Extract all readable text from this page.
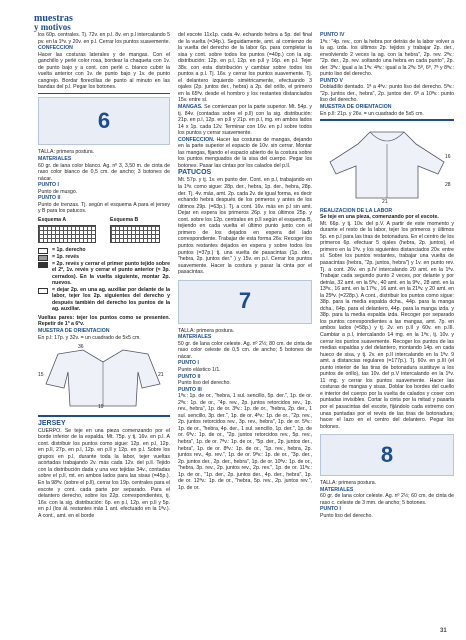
muestras
y motivos

los 60p. centrales. Tj. 72v. en p.l. 8v. en p.l intercalando 5 pv. en la 1ªv. y 20v. en p.l. Cerrar los puntos suavemente.

CONFECCION

Hacer las costuras laterales y de mangas. Con el ganchillo y perlé color rosa, bordear la chaqueta con 1v. de punto bajo y a cont. con perlé c. blanco cubrir la vuelta anterior con 1v. de punto bajo y 1v. de punto cangrejo. Bordar florecillas de punto al minuto en las bandas del p.l. Pegar los botones.

6

TALLA: primera postura.

MATERIALES

60 gr. de lana color blanco. Ag. nº 3, 3,50 m. de cinta de raso color blanco de 0,5 cm. de ancho; 3 botones de nácar.

PUNTO I

Punto de musgo.

PUNTO II

Punto de trenzas. Tj. según el esquema A para el jersey y B para los patucos.

Esquema A	Esquema B

= 1p. derecho

= 1p. revés

= 2p. revés y cerrar el primer punto tejido sobre el 2º, 1v. revés y cerrar el punto anterior (= 3p. cerrados). En la vuelta siguiente, montar 2p. nuevos.

= dejar 2p. en una ag. auxiliar por delante de la labor, tejer los 2p. siguientes del derecho y después también del derecho los puntos de la ag. auxiliar.

Vueltas pares: tejer los puntos como se presenten. Repetir de 1ª a 6ªv.

MUESTRA DE ORIENTACION

En p.l: 17p. y 32v. = un cuadrado de 5x5 cm.

15
36
19
21

JERSEY

CUERPO. Se teje en una pieza comenzando por el borde inferior de la espalda. Mt. 75p. y tj. 16v. en p.l. A cont. distribuir los puntos como sigue: 12p. en p.l, 12p. en p.ll, 27p. en p.l, 12p. en p.ll y 12p. en p.l. Sobre los grupos en p.l, durante toda la labor, tejer vueltas acortadas trabajando 2v. más cada 12v. del p.ll. Tejido con la distribución dada y una vez tejidas 34v., contadas sobre el p.ll, mt. en ambos lados para las sisas (=45p.). En la 98ªv. (sobre el p.ll), cerrar los 19p. centrales para el escote y cont. cada parte por separado. Para el delantero derecho, sobre los 22p. correspondientes, tj. 16v. con la sig. distribución: 6p. en p.l, 12p. en p.ll y 5p. en p.l (los ál. restantes más 1 ant. efectuado en la 1ªv.). A cont., amt. en el borde

del escote 11x1p. cada 4v. echando hebra a 5p. del final de la vuelta (=34p.). Seguidamente, amt. al comienzo de la vuelta del derecho de la labor 6p. para completar la sisa y cont. sobre todos los puntos (=40p.) con la sig. distribución: 12p. en p.l, 12p. en p.ll y 16p. en p.l. Tejer 38v. con esta distribución y cambiar sobre todos los puntos a p.l. Tj. 16v. y cerrar los puntos suavemente. Tj. el delantero izquierdo simétricamente, efectuando 3 ojales (2p. juntos der., hebra) a 2p. del orillo, el primero en la 65ªv. desde el hombro y los restantes distanciados 15v. entre sí.

MANGAS. Se comienzan por la parte superior. Mt. 54p. y tj. 84v. (contadas sobre el p.ll) con la sig. distribución: 21p. en p.l, 12p. en p.ll y 21p. en p.l, mg. en ambos lados 14 x 1p. cada 12v. Terminar con 16v. en p.l sobre todos los puntos y cerrar suavemente.

CONFECCION. Hacer las costuras de mangas, dejando en la parte superior el espacio de 10v. sin cerrar. Montar las mangas, fijando el espacio abierto de la costura sobre los puntos menguados de la sisa del cuerpo. Pegar los botones. Pasar las cintas por los calados del p.ll.

PATUCOS

Mt. 57p. y tj. 1v. en punto der. Cont. en p.l, trabajando en la 1ªv. como sigue: 28p. der., hebra, 1p. der., hebra, 28p. der. Tj. 4v. más, amt. 2p. cada 2v. de igual forma, es decir echando hebra después de los primeros y antes de los últimos 29p. (=63p.). Tj. a cont. 16v. más en p.l sin amt. Dejar en espera los primeros 26p. y los últimos 25p. y cont. sobre los 12p. centrales en p.ll según el esquema B, tejiendo en cada vuelta el último punto junto con el primero de los dejados en espera del lado correspondiente. Trabajar de esta forma 26v. Recoger los puntos restantes dejados en espera y sobre todos los puntos (=37p.) tj. una vuelta de pasacintas (1p. der., "hebra, 2p. juntos der." ) y 15v. en p.l. Cerrar los puntos suavemente. Hacer la costura y pasar la cinta por el pasacintas.

7

TALLA: primera postura.

MATERIALES

50 gr. de lana color celeste. Ag. nº 2½; 80 cm. de cinta de raso color celeste de 0,5 cm. de ancho; 5 botones de nácar.

PUNTO I

Punto elástico 1/1.

PUNTO II

Punto liso del derecho.

PUNTO III

1ªv.: 1p. de or., "hebra, 1 sul. sencillo, 5p. der.", 1p. de or. 2ªv.: 1p. de or., "4p. rev., 2p. juntos retorcidos rev., 1p. rev., hebra", 1p. de or. 3ªv.: 1p. de or., "hebra, 2p. der., 1 sul. sencillo, 3p. der.", 1p. de or. 4ªv.: 1p. de or., "2p. rev., 2p. juntos retorcidos rev., 3p. rev., hebra", 1p. de or. 5ªv.: 1p. de or., "hebra, 4p. der., 1 sul. sencillo, 1p. der.", 1p. de or. 6ªv.: 1p. de or., "2p. juntos retorcidos rev., 5p. rev., hebra", 1p. de or. 7ªv.: 1p. de or., "5p. der., 2p. juntos der., hebra", 1p. de or. 8ªv.: 1p. de or., "1p. rev., hebra, 2p. juntos rev., 4p. rev.", 1p. de or. 9ªv.: 1p. de or., "3p. der., 2p. juntos der., 2p. der., hebra", 1p. de or. 10ªv.: 1p. de or., "hebra, 3p. rev., 2p. juntos rev., 2p. rev.", 1p. de or. 11ªv.: 1p. de or., "1p. der., 2p. juntos der., 4p. der., hebra", 1p. de or. 12ªv.: 1p. de or., "hebra, 5p. rev., 2p. juntos rev.", 1p. de or.

PUNTO IV

1ªv.: "4p. rev., con la hebra por detrás de la labor volver a la ag. izda. los últimos 2p. tejidos y trabajar 2p. der., envolviendo 2 veces la ag. con la hebra", 2p. rev. 2ªv.: "2p. der., 2p. rev. soltando una hebra en cada punto", 2p. der. 3ªv.: igual a la 1ªv. 4ªv.: igual a la 2ªv. 5ª, 6ª, 7ª y 8ªv.: punto liso del derecho.

PUNTO V

Dobladillo dentado. 1ª a 4ªv.: punto liso del derecho. 5ªv.: "2p. juntos der., hebra", 2p. juntos der. 6ª a 10ªv.: punto liso del derecho.

MUESTRA DE ORIENTACION

En p.ll: 21p. y 26v. = un cuadrado de 5x5 cm.

21
16
28

REALIZACION DE LA LABOR

Se teje en una pieza, comenzando por el escote.

Mt. 66p. y tj. 10v. del p.V. A partir de este momento y durante el resto de la labor, tejer los primeros y últimos 5p. en p.I para las tiras de botonadura. En el centro de los primeros 6p. efectuar 5 ojales (hebra, 2p. juntos), el primero en la 1ªv. y los siguientes distanciados 20v. entre sí. Sobre los puntos restantes, trabajar una vuelta de pasacintas (hebra, "2p. juntos, hebra") y 1v. en punto rev. Tj. a cont. 26v. en p.IV intercalando 20 amt. en la 1ªv. Trabajar cada segundo punto 2 veces, por delante y por detrás, 32 amt. en la 5ªv., 40 amt. en la 9ªv., 28 amt. en la 13ªv., 16 amt. en la 17ªv., 16 amt. en la 21ªv. y 20 amt. en la 25ªv. (=228p.). A cont., distribuir los puntos como sigue: 38p. para la media espalda dcha., 44p. para la manga dcha., 64p. para el delantero, 44p. para la manga izda. y 38p. para la media espalda izda. Recoger por separado los puntos correspondientes a las mangas, amt. 7p. en ambos lados (=58p.) y tj. 2v. en p.II y 60v. en p.III. Cambiar a p.I, intercalando 14 mg. en la 1ªv., tj. 10v. y cerrar los puntos suavemente. Recoger los puntos de las medias espaldas y del delantero, montando 14p. en cada hueco de sisa, y tj. 2v. en p.II intercalando en la 1ªv. 9 amt. a distancias regulares (=177p.). Tj. 60v. en p.III (el punto interior de las tiras de botonadura sustituye a los puntos de orillo), tas 10v. del p.V intercalando en la 1ªv. 11 mg. y cerrar los puntos suavemente. Hacer las costuras de mangas y sisas. Doblar los bordes del cuello e interior del cuerpo por la vuelta de calados y coser con puntadas invisibles. Cortar la cinta por la mitad y pasarla por el pasacintas del escote, fijándolo cada extremo con unas puntadas por el revés de las tiras de botonadura; hacer el lazo en el centro del delantero. Pegar los botones.

8

TALLA: primera postura.

MATERIALES

60 gr. de lana color celeste. Ag. nº 2½; 60 cm. de cinta de raso c. celeste de 3 mm. de ancho; 5 botones.

PUNTO I

Punto liso del derecho.

31
